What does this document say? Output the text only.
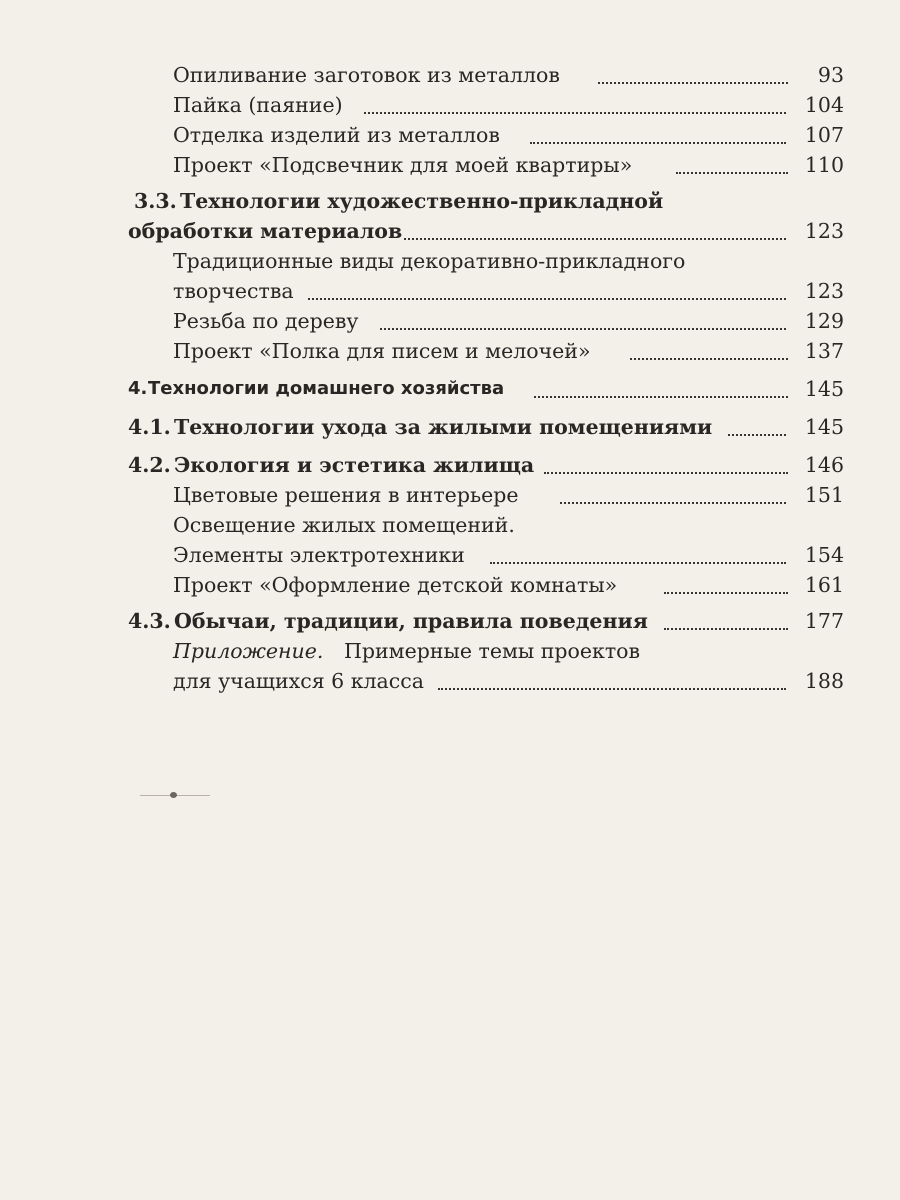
Опиливание заготовок из металлов	93
Пайка (паяние)	104
Отделка изделий из металлов	107
Проект «Подсвечник для моей квартиры»	110
3.3. Технологии художественно-прикладной
обработки материалов	123
Традиционные виды декоративно-прикладного
творчества	123
Резьба по дереву	129
Проект «Полка для писем и мелочей»	137
4. Технологии домашнего хозяйства	145
4.1. Технологии ухода за жилыми помещениями	145
4.2. Экология и эстетика жилища	146
Цветовые решения в интерьере	151
Освещение жилых помещений.
Элементы электротехники	154
Проект «Оформление детской комнаты»	161
4.3. Обычаи, традиции, правила поведения	177
Приложение. Примерные темы проектов
для учащихся 6 класса	188
